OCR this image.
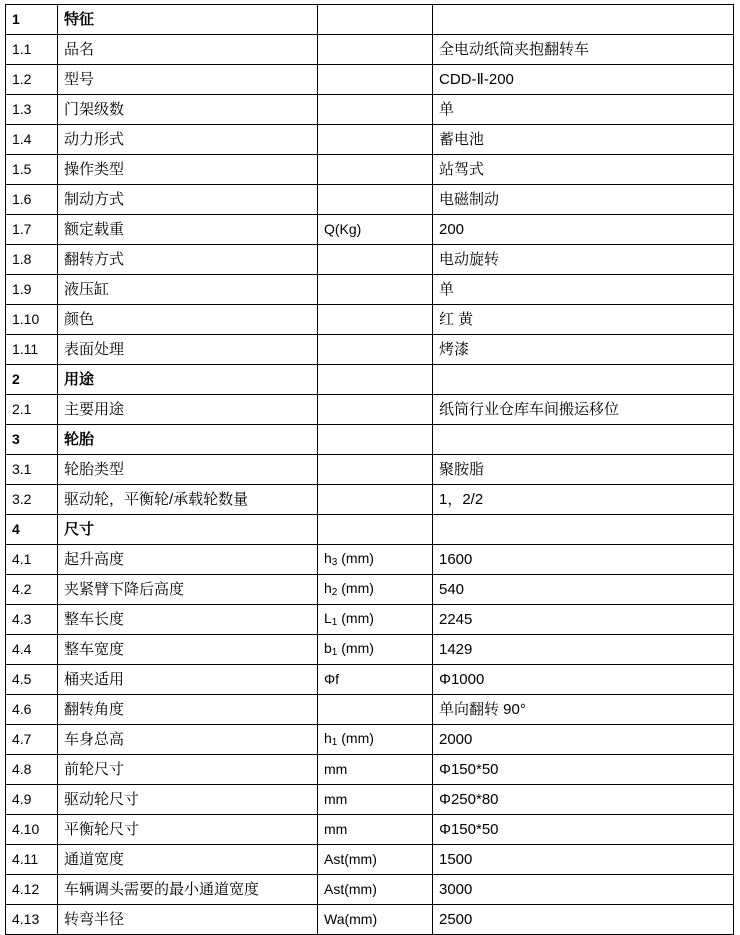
1	特征		
1.1	品名		全电动纸筒夹抱翻转车
1.2	型号		CDD-Ⅱ-200
1.3	门架级数		单
1.4	动力形式		蓄电池
1.5	操作类型		站驾式
1.6	制动方式		电磁制动
1.7	额定载重	Q(Kg)	200
1.8	翻转方式		电动旋转
1.9	液压缸		单
1.10	颜色		红 黄
1.11	表面处理		烤漆
2	用途		
2.1	主要用途		纸筒行业仓库车间搬运移位
3	轮胎		
3.1	轮胎类型		聚胺脂
3.2	驱动轮，平衡轮/承载轮数量		1，2/2
4	尺寸		
4.1	起升高度	$h_3$ (mm)	1600
4.2	夹紧臂下降后高度	$h_2$ (mm)	540
4.3	整车长度	$L_1$ (mm)	2245
4.4	整车宽度	$b_1$ (mm)	1429
4.5	桶夹适用	Φf	Φ1000
4.6	翻转角度		单向翻转 90°
4.7	车身总高	$h_1$ (mm)	2000
4.8	前轮尺寸	mm	Φ150*50
4.9	驱动轮尺寸	mm	Φ250*80
4.10	平衡轮尺寸	mm	Φ150*50
4.11	通道宽度	Ast(mm)	1500
4.12	车辆调头需要的最小通道宽度	Ast(mm)	3000
4.13	转弯半径	Wa(mm)	2500
